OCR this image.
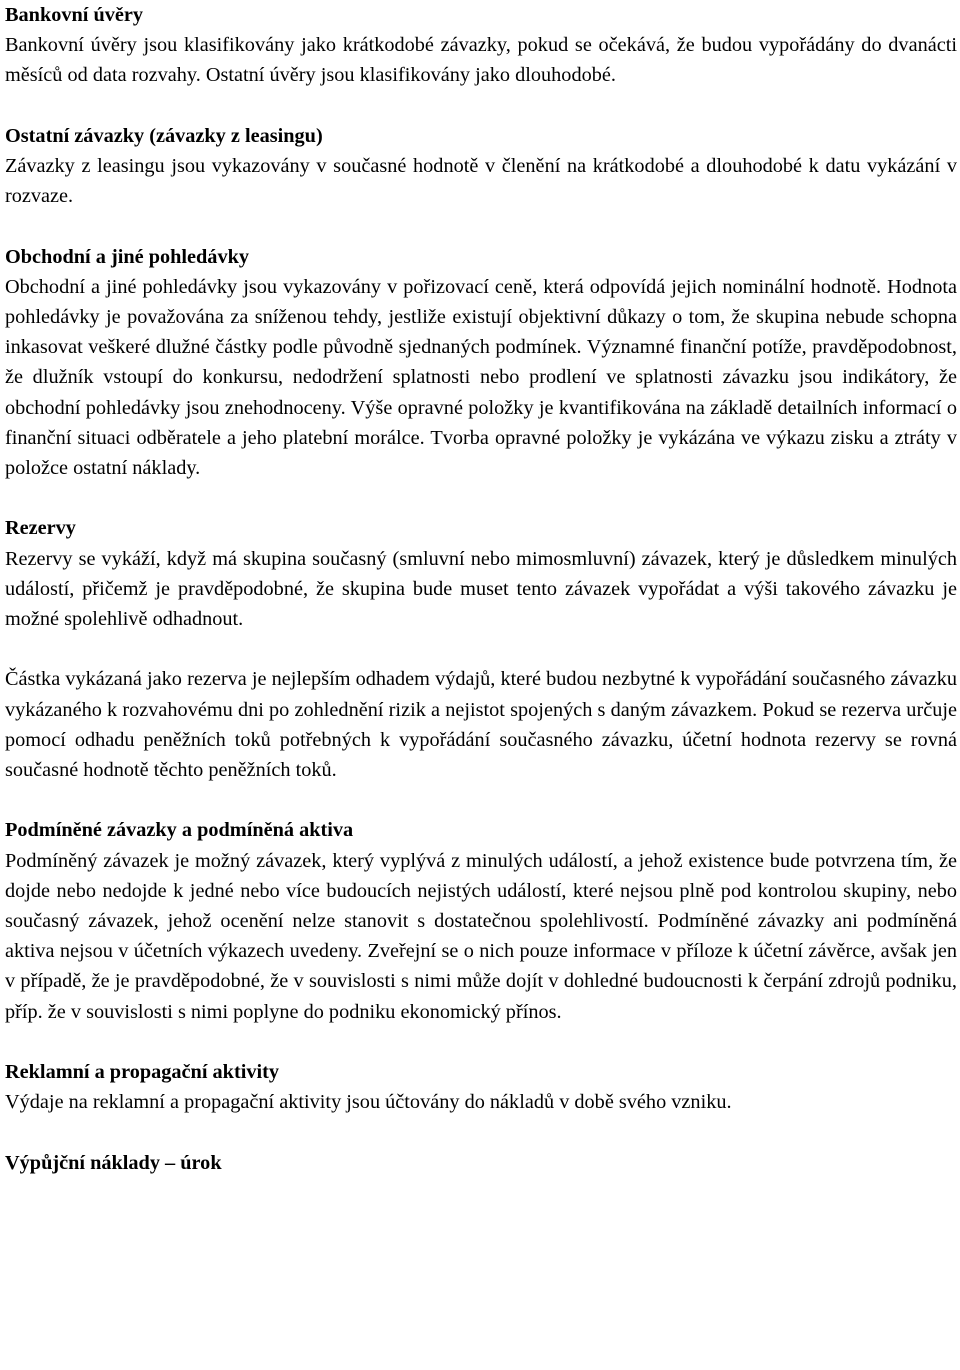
Bankovní úvěry

Bankovní úvěry jsou klasifikovány jako krátkodobé závazky, pokud se očekává, že budou vypořádány do dvanácti měsíců od data rozvahy. Ostatní úvěry jsou klasifikovány jako dlouhodobé.

Ostatní závazky (závazky z leasingu)

Závazky z leasingu jsou vykazovány v současné hodnotě v členění na krátkodobé a dlouhodobé k datu vykázání v rozvaze.

Obchodní a jiné pohledávky

Obchodní a jiné pohledávky jsou vykazovány v pořizovací ceně, která odpovídá jejich nominální hodnotě. Hodnota pohledávky je považována za sníženou tehdy, jestliže existují objektivní důkazy o tom, že skupina nebude schopna inkasovat veškeré dlužné částky podle původně sjednaných podmínek. Významné finanční potíže, pravděpodobnost, že dlužník vstoupí do konkursu, nedodržení splatnosti nebo prodlení ve splatnosti závazku jsou indikátory, že obchodní pohledávky jsou znehodnoceny. Výše opravné položky je kvantifikována na základě detailních informací o finanční situaci odběratele a jeho platební morálce. Tvorba opravné položky je vykázána ve výkazu zisku a ztráty v položce ostatní náklady.

Rezervy

Rezervy se vykáží, když má skupina současný (smluvní nebo mimosmluvní) závazek, který je důsledkem minulých událostí, přičemž je pravděpodobné, že skupina bude muset tento závazek vypořádat a výši takového závazku je možné spolehlivě odhadnout.

Částka vykázaná jako rezerva je nejlepším odhadem výdajů, které budou nezbytné k vypořádání současného závazku vykázaného k rozvahovému dni po zohlednění rizik a nejistot spojených s daným závazkem. Pokud se rezerva určuje pomocí odhadu peněžních toků potřebných k vypořádání současného závazku, účetní hodnota rezervy se rovná současné hodnotě těchto peněžních toků.

Podmíněné závazky a podmíněná aktiva

Podmíněný závazek je možný závazek, který vyplývá z minulých událostí, a jehož existence bude potvrzena tím, že dojde nebo nedojde k jedné nebo více budoucích nejistých událostí, které nejsou plně pod kontrolou skupiny, nebo současný závazek, jehož ocenění nelze stanovit s dostatečnou spolehlivostí. Podmíněné závazky ani podmíněná aktiva nejsou v účetních výkazech uvedeny. Zveřejní se o nich pouze informace v příloze k účetní závěrce, avšak jen v případě, že je pravděpodobné, že v souvislosti s nimi může dojít v dohledné budoucnosti k čerpání zdrojů podniku, příp. že v souvislosti s nimi poplyne do podniku ekonomický přínos.

Reklamní a propagační aktivity

Výdaje na reklamní a propagační aktivity jsou účtovány do nákladů v době svého vzniku.

Výpůjční náklady – úrok
